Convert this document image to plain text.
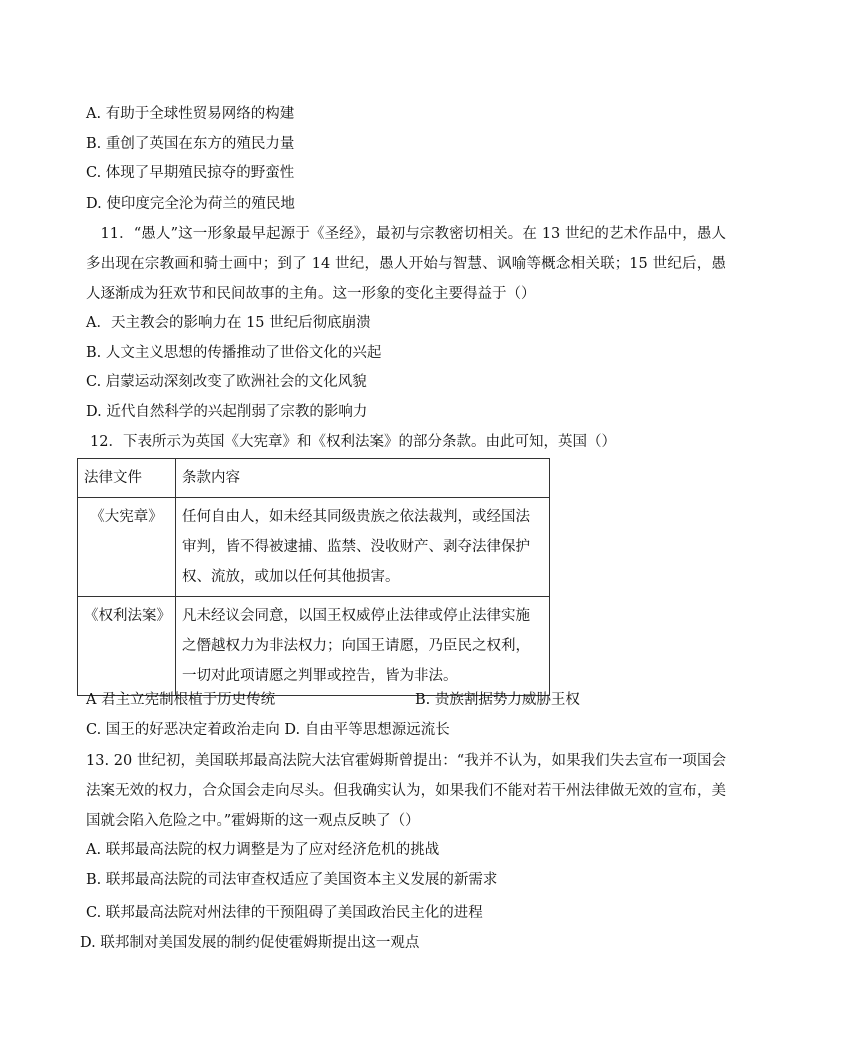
A. 有助于全球性贸易网络的构建
B. 重创了英国在东方的殖民力量
C. 体现了早期殖民掠夺的野蛮性
D. 使印度完全沦为荷兰的殖民地
11．“愚人”这一形象最早起源于《圣经》，最初与宗教密切相关。在 13 世纪的艺术作品中，愚人多出现在宗教画和骑士画中；到了 14 世纪，愚人开始与智慧、讽喻等概念相关联；15 世纪后，愚人逐渐成为狂欢节和民间故事的主角。这一形象的变化主要得益于（）
A．天主教会的影响力在 15 世纪后彻底崩溃
B. 人文主义思想的传播推动了世俗文化的兴起
C. 启蒙运动深刻改变了欧洲社会的文化风貌
D. 近代自然科学的兴起削弱了宗教的影响力
12．下表所示为英国《大宪章》和《权利法案》的部分条款。由此可知，英国（）
法律文件	条款内容
《大宪章》	任何自由人，如未经其同级贵族之依法裁判，或经国法审判，皆不得被逮捕、监禁、没收财产、剥夺法律保护权、流放，或加以任何其他损害。
《权利法案》	凡未经议会同意，以国王权威停止法律或停止法律实施之僭越权力为非法权力；向国王请愿，乃臣民之权利，一切对此项请愿之判罪或控告，皆为非法。
A 君主立宪制根植于历史传统	B. 贵族割据势力威胁王权
C. 国王的好恶决定着政治走向 D. 自由平等思想源远流长
13. 20 世纪初，美国联邦最高法院大法官霍姆斯曾提出：“我并不认为，如果我们失去宣布一项国会法案无效的权力，合众国会走向尽头。但我确实认为，如果我们不能对若干州法律做无效的宣布，美国就会陷入危险之中。”霍姆斯的这一观点反映了（）
A. 联邦最高法院的权力调整是为了应对经济危机的挑战
B. 联邦最高法院的司法审查权适应了美国资本主义发展的新需求
C. 联邦最高法院对州法律的干预阻碍了美国政治民主化的进程
D. 联邦制对美国发展的制约促使霍姆斯提出这一观点
